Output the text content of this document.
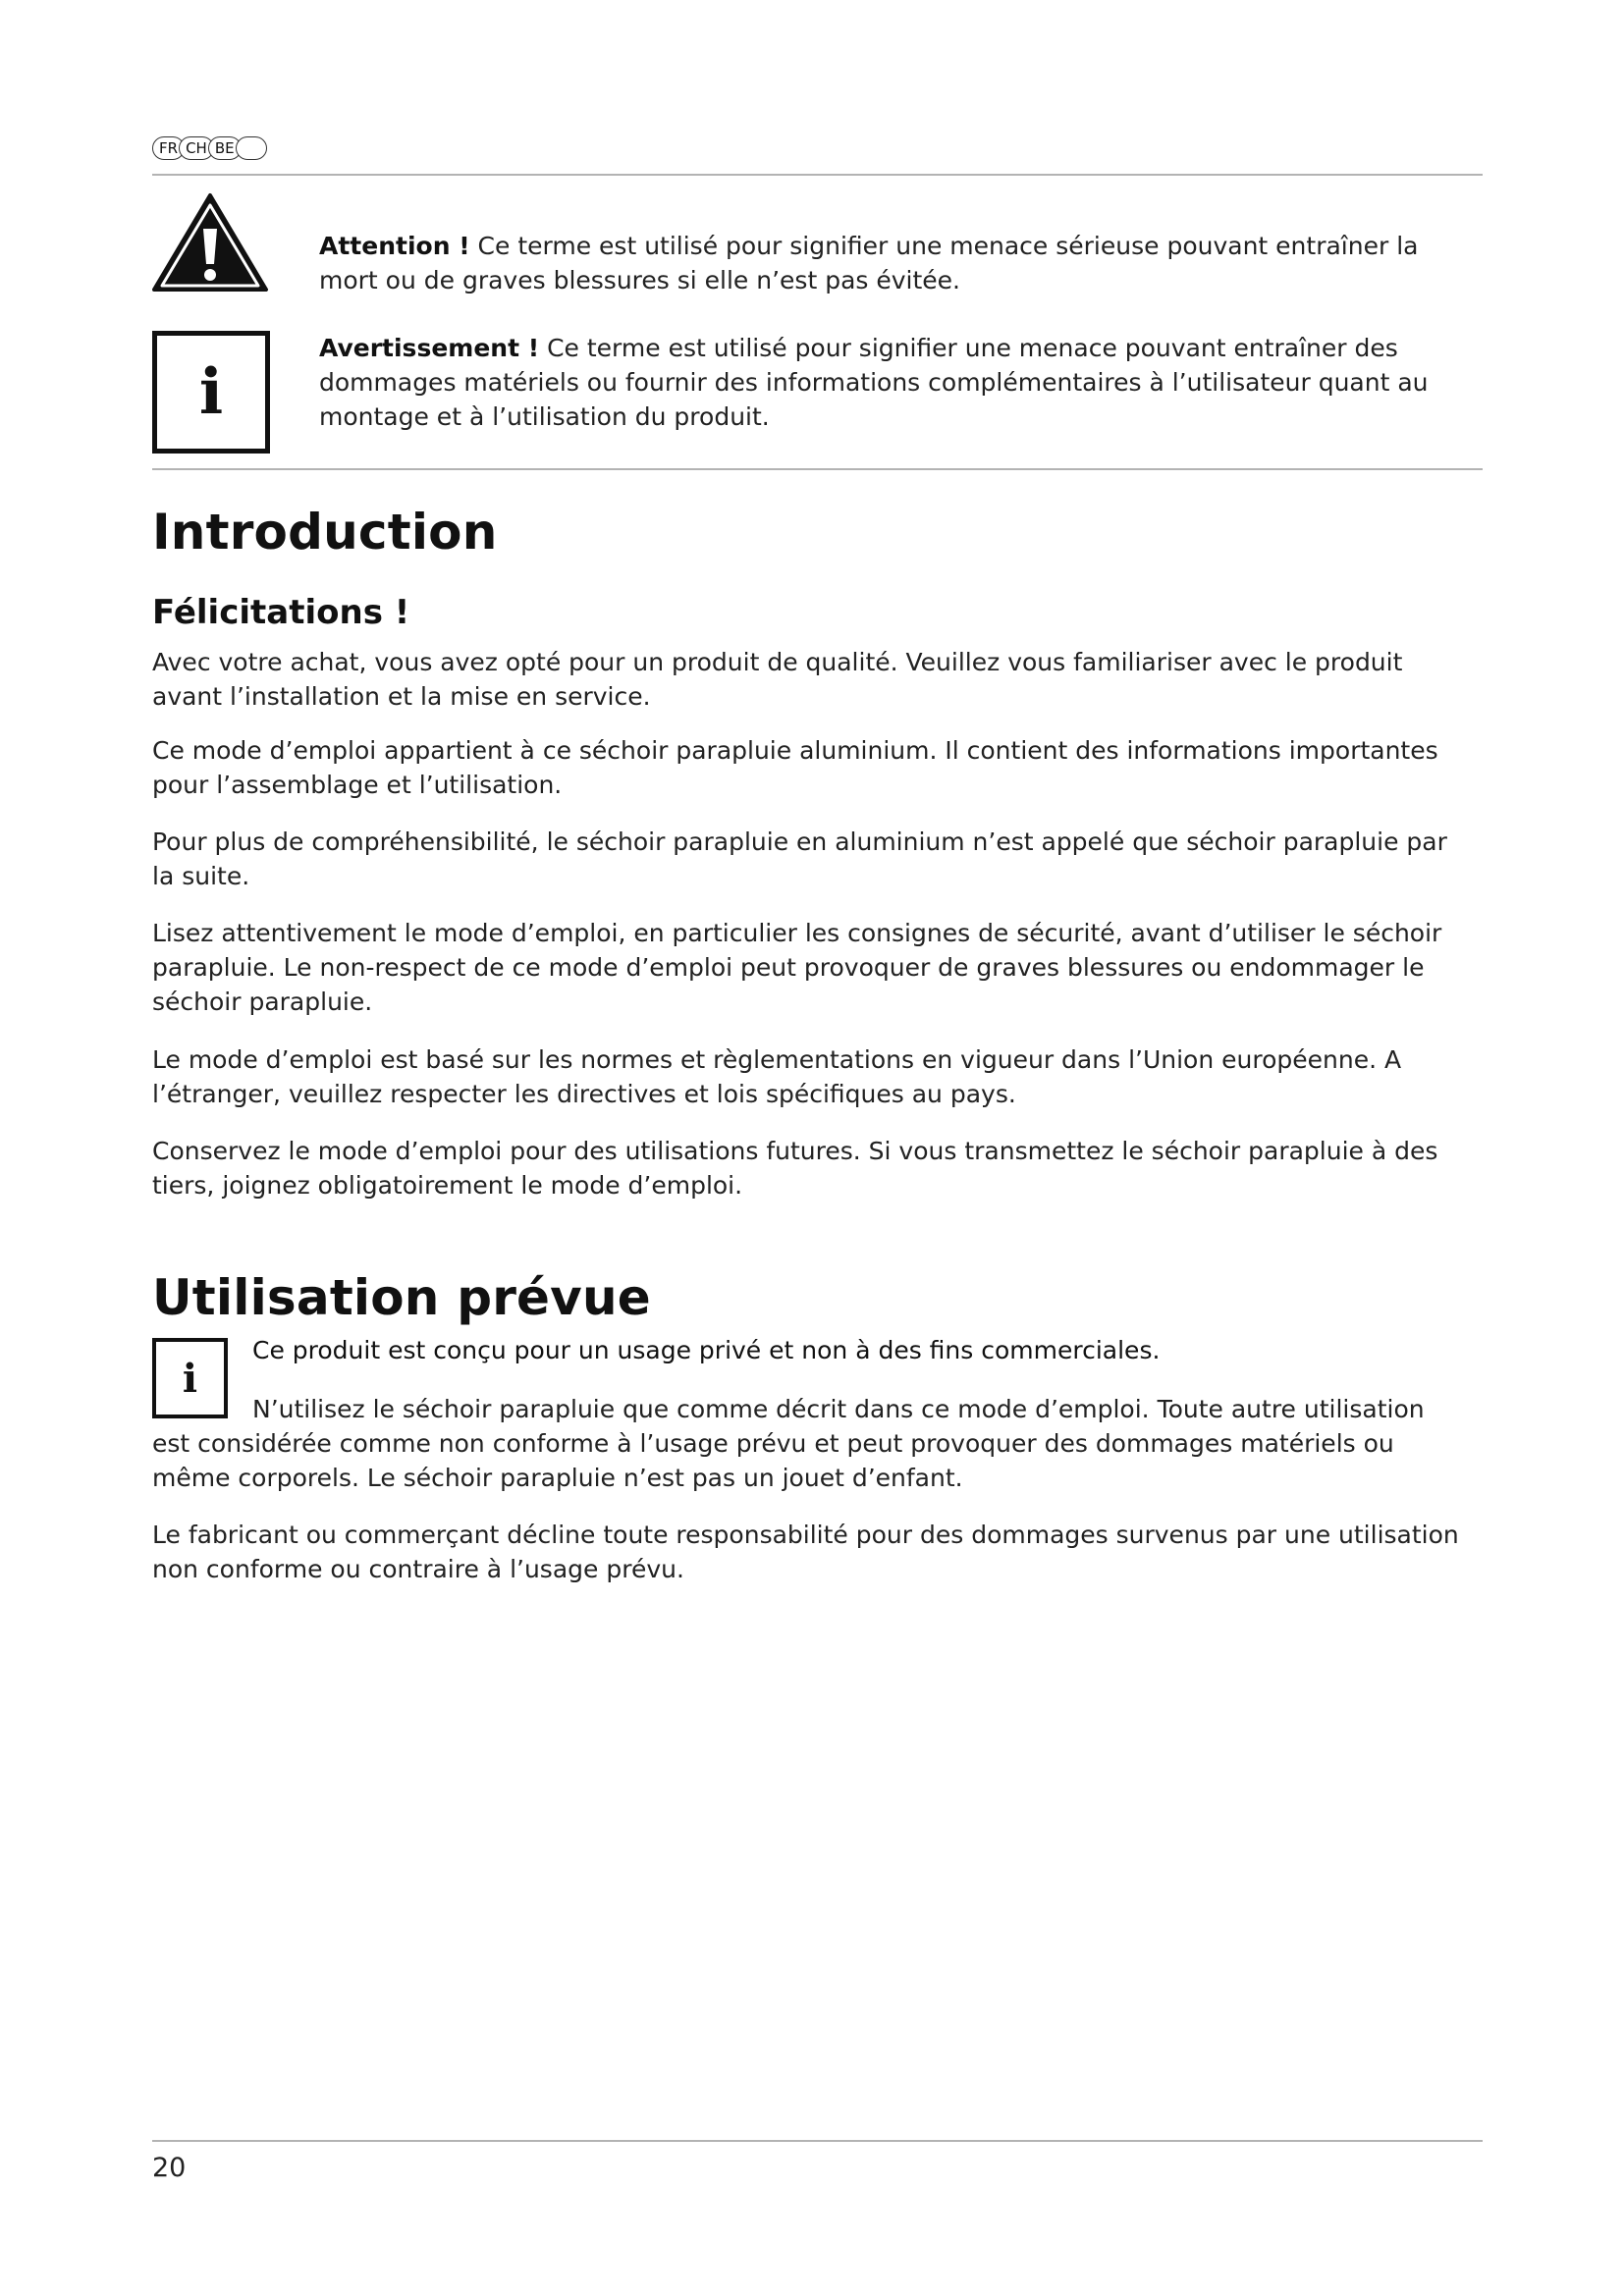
FR CH BE
Attention ! Ce terme est utilisé pour signifier une menace sérieuse pouvant entraîner la mort ou de graves blessures si elle n’est pas évitée.
i
Avertissement ! Ce terme est utilisé pour signifier une menace pouvant entraîner des dommages matériels ou fournir des informations complémentaires à l’utilisateur quant au montage et à l’utilisation du produit.
Introduction
Félicitations !

Avec votre achat, vous avez opté pour un produit de qualité. Veuillez vous familiariser avec le produit avant l’installation et la mise en service.

Ce mode d’emploi appartient à ce séchoir parapluie aluminium. Il contient des informations importantes pour l’assemblage et l’utilisation.

Pour plus de compréhensibilité, le séchoir parapluie en aluminium n’est appelé que séchoir parapluie par la suite.

Lisez attentivement le mode d’emploi, en particulier les consignes de sécurité, avant d’utiliser le séchoir parapluie. Le non-respect de ce mode d’emploi peut provoquer de graves blessures ou endommager le séchoir parapluie.

Le mode d’emploi est basé sur les normes et règlementations en vigueur dans l’Union européenne. A l’étranger, veuillez respecter les directives et lois spécifiques au pays.

Conservez le mode d’emploi pour des utilisations futures. Si vous transmettez le séchoir parapluie à des tiers, joignez obligatoirement le mode d’emploi.

Utilisation prévue
i
Ce produit est conçu pour un usage privé et non à des fins commerciales.

N’utilisez le séchoir parapluie que comme décrit dans ce mode d’emploi. Toute autre utilisation est considérée comme non conforme à l’usage prévu et peut provoquer des dommages matériels ou même corporels. Le séchoir parapluie n’est pas un jouet d’enfant.

Le fabricant ou commerçant décline toute responsabilité pour des dommages survenus par une utilisation non conforme ou contraire à l’usage prévu.

20
